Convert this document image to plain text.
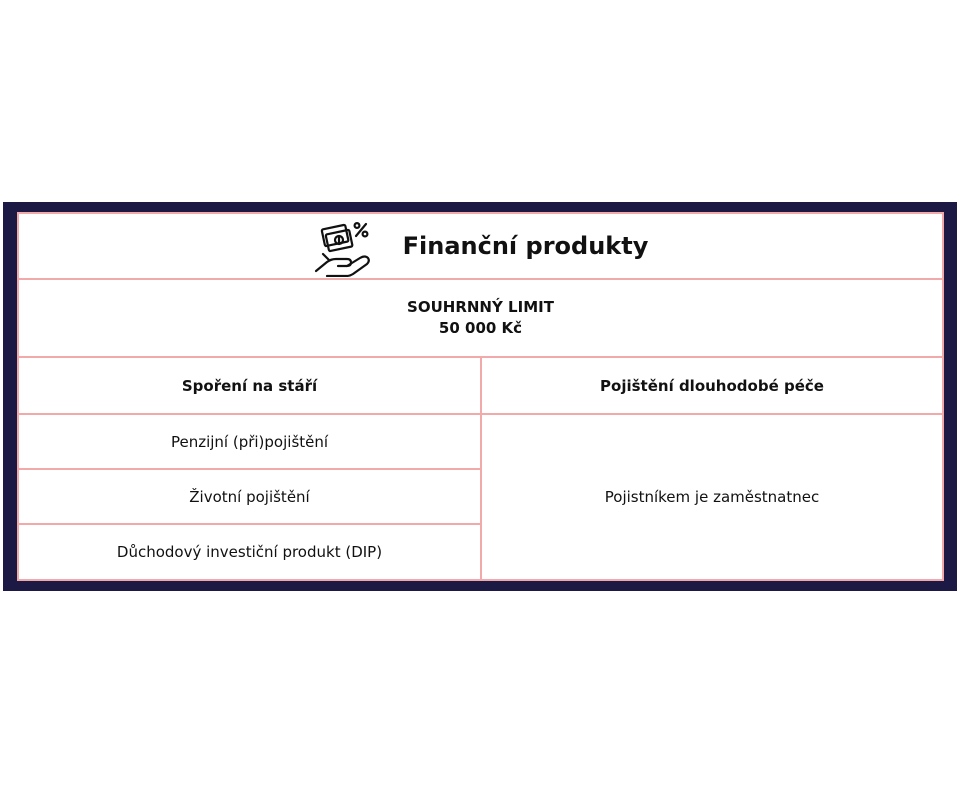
Finanční produkty
SOUHRNNÝ LIMIT
50 000 Kč
Spoření na stáří	Pojištění dlouhodobé péče
Penzijní (při)pojištění
Životní pojištění
Důchodový investiční produkt (DIP)
Pojistníkem je zaměstnatnec
